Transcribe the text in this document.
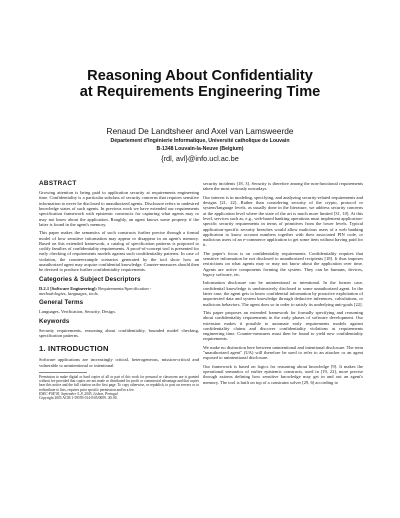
Reasoning About Confidentiality
at Requirements Engineering Time
Renaud De Landtsheer and Axel van Lamsweerde
Département d'Ingénierie Informatique, Université catholique de Louvain
B-1348 Louvain-la-Neuve (Belgium)
{rdl, avl}@info.ucl.ac.be
ABSTRACT

Growing attention is being paid to application security at requirements engineering time. Confidentiality is a particular subclass of security concerns that requires sensitive information to never be disclosed to unauthorized agents. Disclosure refers to undesired knowledge states of such agents. In previous work we have extended our requirements specification framework with epistemic constructs for capturing what agents may or may not know about the application. Roughly, an agent knows some property if the latter is found in the agent's memory.

This paper makes the semantics of such constructs further precise through a formal model of how sensitive information may appear or disappear in an agent's memory. Based on this extended framework, a catalog of specification patterns is proposed to codify families of confidentiality requirements. A proof-of-concept tool is presented for early checking of requirements models against such confidentiality patterns. In case of violation, the counterexample scenarios generated by the tool show how an unauthorized agent may acquire confidential knowledge. Counter-measures should then be devised to produce further confidentiality requirements.

Categories & Subject Descriptors

D.2.1 [Software Engineering]: Requirements/Specification -

methodologies, languages, tools.

General Terms

Languages, Verification, Security, Design.

Keywords

Security requirements, reasoning about confidentiality, bounded model checking, specification patterns.

1. INTRODUCTION

Software applications are increasingly critical, heterogeneous, mission-critical and vulnerable to unintentional or intentional

Permission to make digital or hard copies of all or part of this work for personal or classroom use is granted without fee provided that copies are not made or distributed for profit or commercial advantage and that copies bear this notice and the full citation on the first page. To copy otherwise, or republish, to post on servers or to redistribute to lists, requires prior specific permission and/or a fee.

ESEC-FSE'05, September 5–9, 2005, Lisbon, Portugal

Copyright 2005 ACM 1-59593-014-0/05/0009...$5.00.

security incidents [18, 3]. Security is therefore among the non-functional requirements taken the most seriously nowadays.

Our interest is in modeling, specifying, and analyzing security-related requirements and designs [21, 22]. Rather than considering security of the crypto, protocol or system/language levels, as usually done in the literature, we address security concerns at the application level where the state of the art is much more limited [31, 10]. At this level, services such as, e.g., web-based banking operations must implement application-specific security requirements in terms of primitives from the lower levels. Typical application-specific security breaches would allow malicious users of a web banking application to know account numbers together with their associated PIN code, or malicious users of an e-commerce application to get some item without having paid for it.

The paper's focus is on confidentiality requirements. Confidentiality requires that sensitive information be not disclosed to unauthorized recipients [18]. It thus imposes restrictions on what agents may or may not know about the application over time. Agents are active components forming the system. They can be humans, devices, legacy software, etc.

Information disclosure can be unintentional or intentional. In the former case, confidential knowledge is unobtrusively disclosed to some unauthorized agent. In the latter case, the agent gets to know confidential information by proactive exploitation of unprotected data and system knowledge through deductive inferences, calculations, or malicious behaviors. The agent does so in order to satisfy its underlying anti-goals [22].

This paper proposes an extended framework for formally specifying and reasoning about confidentiality requirements in the early phases of software development. Our extension makes it possible to automate early requirements models against confidentiality claims and discover confidentiality violations at requirements engineering time. Counter-measures must then be found to yield new confidentiality requirements.

We make no distinction here between unintentional and intentional disclosure. The term "unauthorized agent" (UA) will therefore be used to refer to an attacker or an agent exposed to unintentional disclosure.

Our framework is based on logics for reasoning about knowledge [9]. It makes the operational semantics of earlier epistemic constructs, used in [19, 22], more precise through axioms defining how sensitive knowledge may get in and out an agent's memory. The tool is built on top of a constraint solver [29, 6] according to
